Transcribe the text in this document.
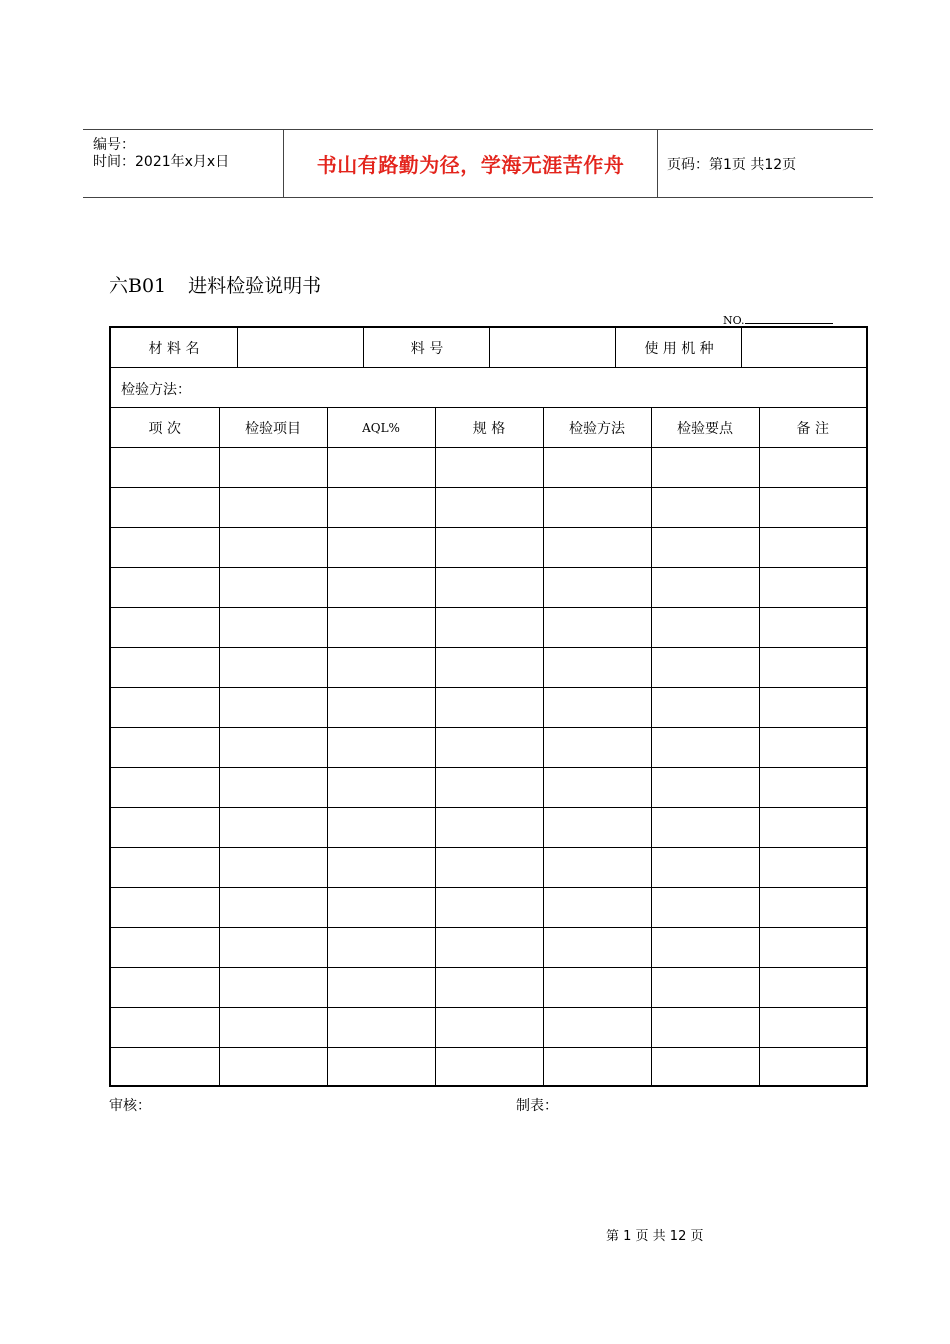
编号：
时间：2021年x月x日	书山有路勤为径，学海无涯苦作舟	页码：第1页 共12页
六B01 进料检验说明书
NO.
材 料 名	料 号	使 用 机 种
检验方法：
项 次	检验项目	AQL%	规 格	检验方法	检验要点	备 注

审核：	制表：
第 1 页 共 12 页
